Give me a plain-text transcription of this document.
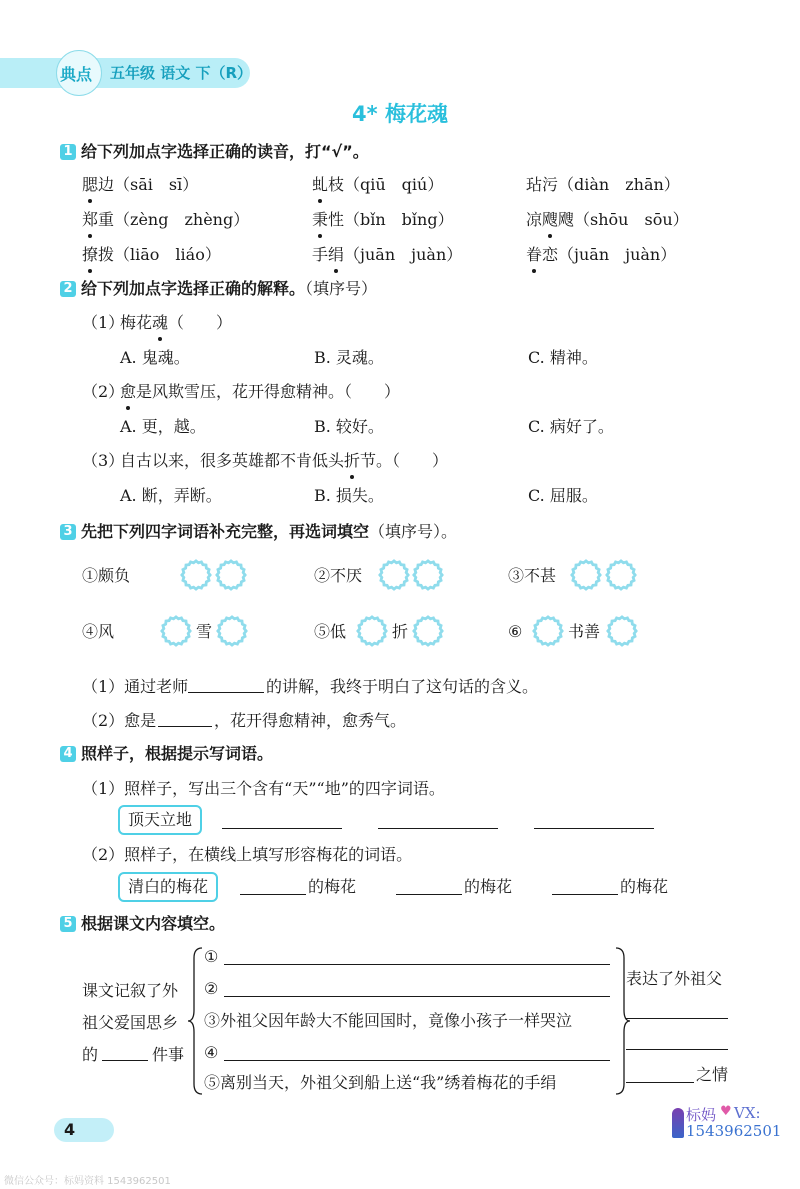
典点 五年级 语文 下（R）
4* 梅花魂
1 给下列加点字选择正确的读音，打“√”。
腮边（sāi　sī）	虬枝（qiū　qiú）	玷污（diàn　zhān）
郑重（zèng　zhèng）	秉性（bǐn　bǐng）	凉飕飕（shōu　sōu）
撩拨（liāo　liáo）	手绢（juān　juàn）	眷恋（juān　juàn）
2 给下列加点字选择正确的解释。（填序号）
（1）
梅花魂（　　）
A. 鬼魂。	B. 灵魂。	C. 精神。
（2）
愈是风欺雪压，花开得愈精神。（　　）
A. 更，越。	B. 较好。	C. 病好了。
（3）
自古以来，很多英雄都不肯低头折节。（　　）
A. 断，弄断。	B. 损失。	C. 屈服。
3 先把下列四字词语补充完整，再选词填空（填序号）。
①颇负	②不厌	③不甚
④风	雪	⑤低	折	⑥	书善
（1）通过老师	的讲解，我终于明白了这句话的含义。
（2）愈是	，花开得愈精神，愈秀气。
4 照样子，根据提示写词语。
（1）照样子，写出三个含有“天”“地”的四字词语。
顶天立地
（2）照样子，在横线上填写形容梅花的词语。
清白的梅花	的梅花	的梅花	的梅花
5 根据课文内容填空。
课文记叙了外
祖父爱国思乡
的	件事
①
②
③外祖父因年龄大不能回国时，竟像小孩子一样哭泣
④
⑤离别当天，外祖父到船上送“我”绣着梅花的手绢
表达了外祖父
之情
4
标妈 ♥ VX:
1543962501
微信公众号：标妈资料 1543962501
